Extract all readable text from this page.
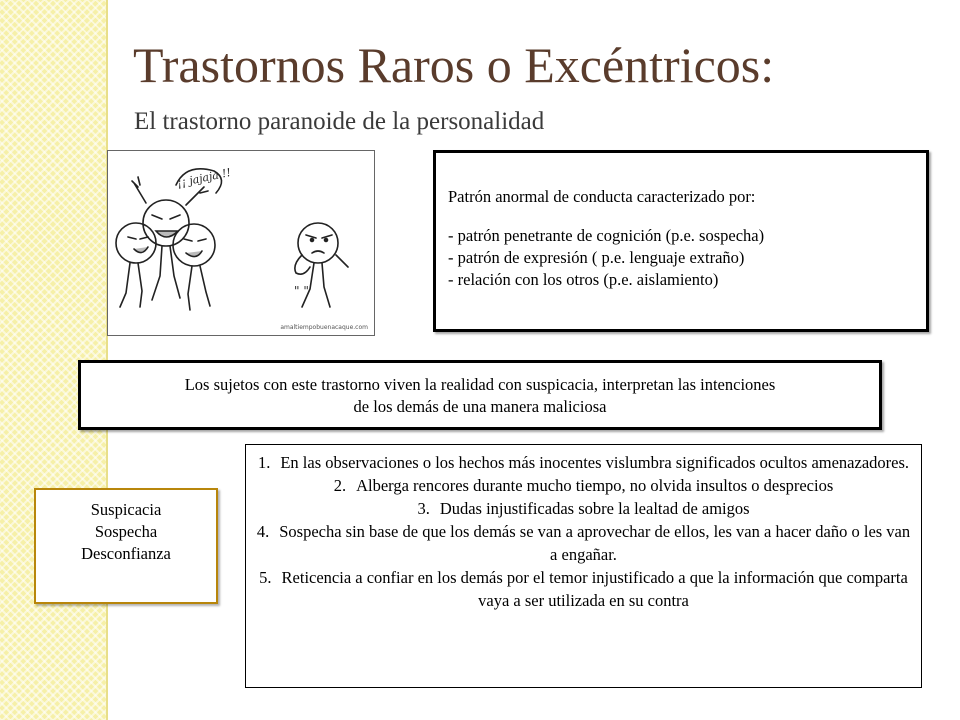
Trastornos Raros o Excéntricos:
El trastorno paranoide de la personalidad
¡¡ jajaja !!
" "
amaltiempobuenacaque.com

Patrón anormal de conducta caracterizado por:

- patrón penetrante de cognición (p.e. sospecha)
- patrón de expresión ( p.e. lenguaje extraño)
- relación con los otros (p.e. aislamiento)
Los sujetos con este trastorno viven la realidad con suspicacia, interpretan las intenciones
de los demás de una manera maliciosa
Suspicacia
Sospecha
Desconfianza
1. En las observaciones o los hechos más inocentes vislumbra significados ocultos amenazadores.
2. Alberga rencores durante mucho tiempo, no olvida insultos o desprecios
3. Dudas injustificadas sobre la lealtad de amigos
4. Sospecha sin base de que los demás se van a aprovechar de ellos, les van a hacer daño o les van a engañar.
5. Reticencia a confiar en los demás por el temor injustificado a que la información que comparta vaya a ser utilizada en su contra
